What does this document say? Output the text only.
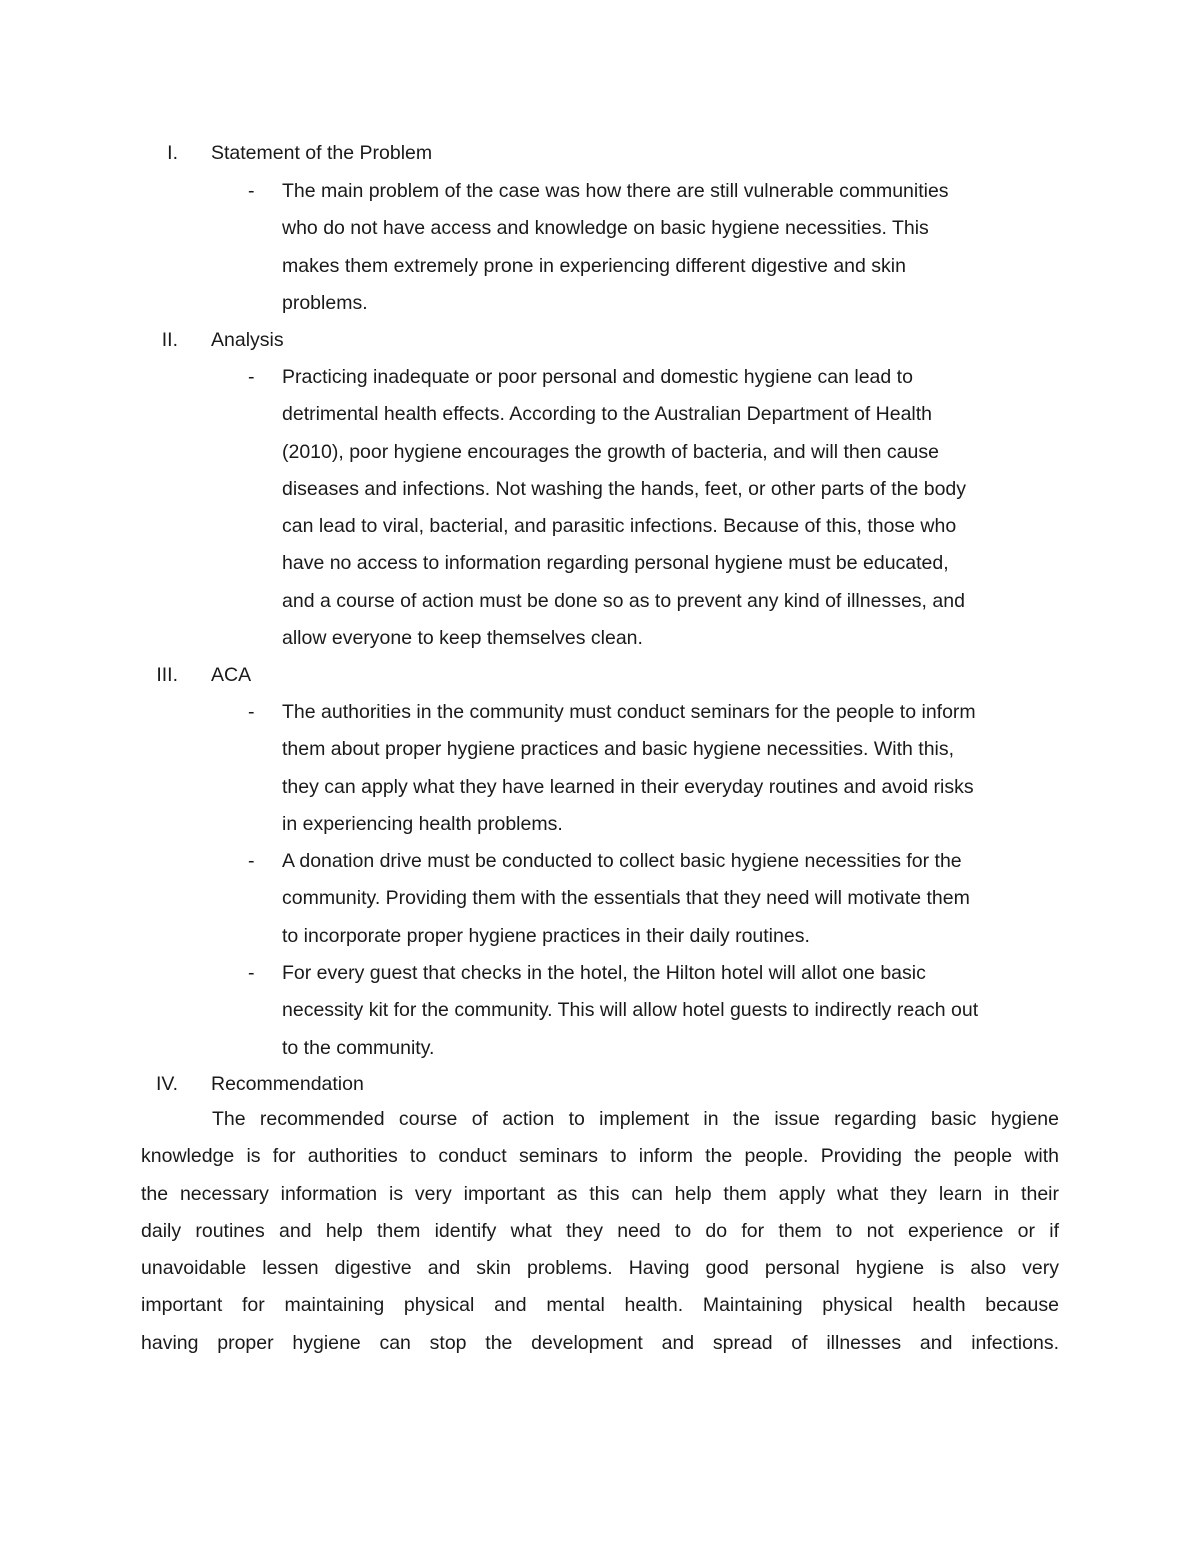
I. Statement of the Problem
- The main problem of the case was how there are still vulnerable communities
who do not have access and knowledge on basic hygiene necessities. This
makes them extremely prone in experiencing different digestive and skin
problems.
II. Analysis
- Practicing inadequate or poor personal and domestic hygiene can lead to
detrimental health effects. According to the Australian Department of Health
(2010), poor hygiene encourages the growth of bacteria, and will then cause
diseases and infections. Not washing the hands, feet, or other parts of the body
can lead to viral, bacterial, and parasitic infections. Because of this, those who
have no access to information regarding personal hygiene must be educated,
and a course of action must be done so as to prevent any kind of illnesses, and
allow everyone to keep themselves clean.
III. ACA
- The authorities in the community must conduct seminars for the people to inform
them about proper hygiene practices and basic hygiene necessities. With this,
they can apply what they have learned in their everyday routines and avoid risks
in experiencing health problems.
- A donation drive must be conducted to collect basic hygiene necessities for the
community. Providing them with the essentials that they need will motivate them
to incorporate proper hygiene practices in their daily routines.
- For every guest that checks in the hotel, the Hilton hotel will allot one basic
necessity kit for the community. This will allow hotel guests to indirectly reach out
to the community.
IV. Recommendation
The recommended course of action to implement in the issue regarding basic hygiene
knowledge is for authorities to conduct seminars to inform the people. Providing the people with
the necessary information is very important as this can help them apply what they learn in their
daily routines and help them identify what they need to do for them to not experience or if
unavoidable lessen digestive and skin problems. Having good personal hygiene is also very
important for maintaining physical and mental health. Maintaining physical health because
having proper hygiene can stop the development and spread of illnesses and infections.
